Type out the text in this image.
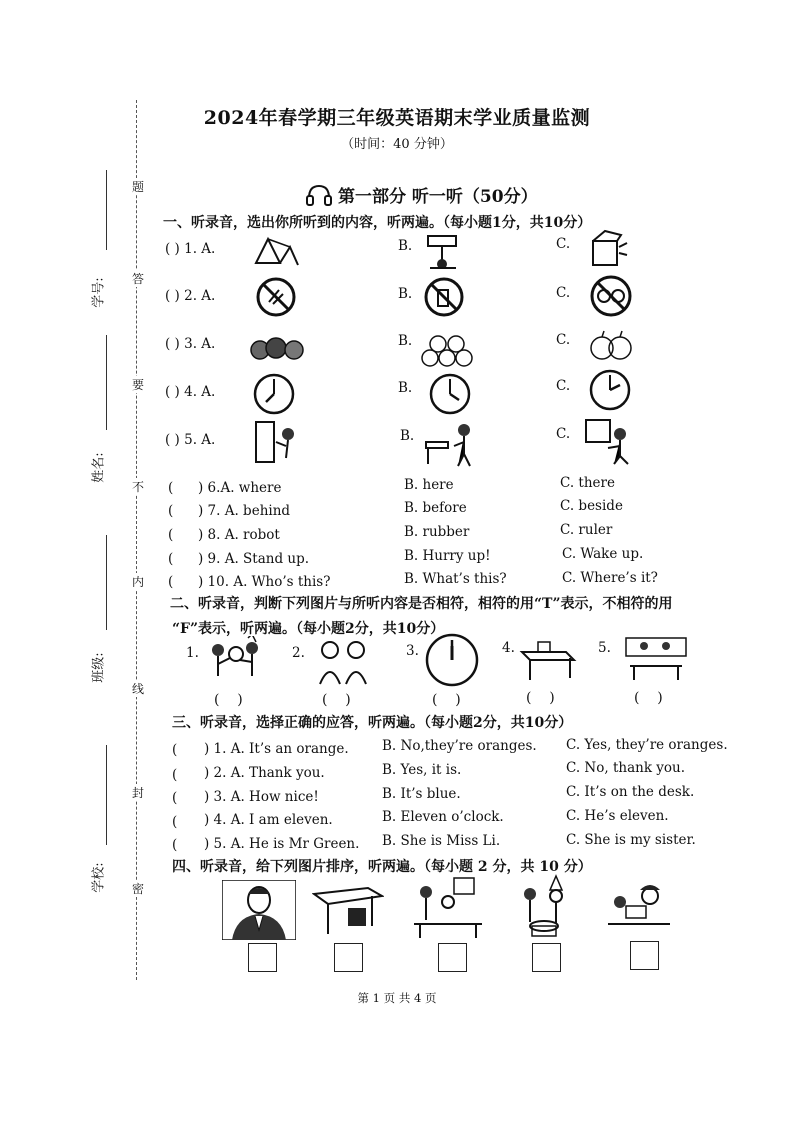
题
答
要
不
内
线
封
密
学号:
姓名:
班级:
学校:
2024年春学期三年级英语期末学业质量监测
（时间：40 分钟）
第一部分 听一听（50分）
一、听录音，选出你所听到的内容，听两遍。（每小题1分，共10分）
( ) 1. A.	B.	C.
( ) 2. A.	B.	C.
( ) 3. A.	B.	C.
( ) 4. A.	B.	C.
( ) 5. A.	B.	C.
( ) 6.A. where	B. here	C. there
( ) 7. A. behind	B. before	C. beside
( ) 8. A. robot	B. rubber	C. ruler
( ) 9. A. Stand up.	B. Hurry up!	C. Wake up.
( ) 10. A. Who’s this?	B. What’s this?	C. Where’s it?
二、听录音，判断下列图片与所听内容是否相符，相符的用“T”表示，不相符的用
“F”表示，听两遍。（每小题2分，共10分）
1.
(    )
2.
(    )
3.
(    )
4.
(    )
5.
(    )
三、听录音，选择正确的应答，听两遍。（每小题2分，共10分）
( ) 1. A. It’s an orange. B. No,they’re oranges. C. Yes, they’re oranges.
( ) 2. A. Thank you.	B. Yes, it is.	C. No, thank you.
( ) 3. A. How nice!	B. It’s blue.	C. It’s on the desk.
( ) 4. A. I am eleven.	B. Eleven o’clock.	C. He’s eleven.
( ) 5. A. He is Mr Green. B. She is Miss Li.	C. She is my sister.
四、听录音，给下列图片排序，听两遍。（每小题 2 分，共 10 分）
第 1 页 共 4 页
